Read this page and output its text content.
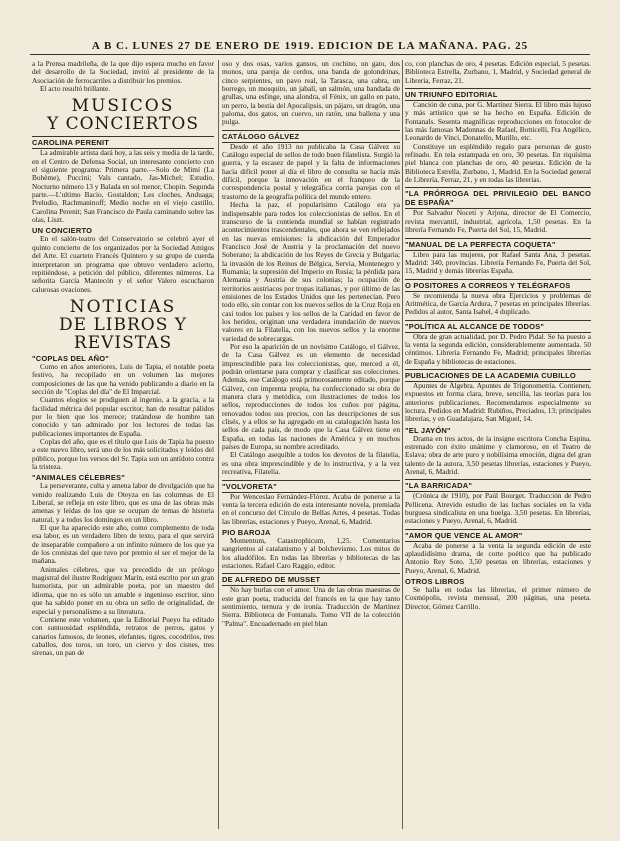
A B C. LUNES 27 DE ENERO DE 1919. EDICION DE LA MAÑANA. PAG. 25

a la Prensa madrileña, de la que dijo espera mucho en favor del desarrollo de la Sociedad, invitó al presidente de la Asociación de ferrocarriles a distribuir los premios.

El acto resultó brillante.

MUSICOS
Y CONCIERTOS
CAROLINA PERENIT

La admirable artista dará hoy, a las seis y media de la tarde, en el Centro de Defensa Social, un interesante concierto con el siguiente programa: Primera parte.—Solo de Mimí (La Bohème), Puccini; Vals cantado, Jas-Michel; Estudio, Nocturno número 13 y Balada en sol menor, Chopin. Segunda parte.—L'ultimo Bacio, Gostaldon; Les cloches, Anduaga; Preludio, Rachmaninoff; Medio noche en el viejo castillo, Carolina Perenit; San Francisco de Paula caminando sobre las olas, Liszt.

UN CONCIERTO

En el salón-teatro del Conservatorio se celebró ayer el quinto concierto de los organizados por la Sociedad Amigos del Arte. El cuarteto Francés Quintero y su grupo de cuerda interpretaron un programa que obtuvo verdadero acierto, repitiéndose, a petición del público, diferentes números. La señorita García Mantecón y el señor Valero escucharon calurosas ovaciones.

NOTICIAS
DE LIBROS Y REVISTAS
"COPLAS DEL AÑO"

Como en años anteriores, Luis de Tapia, el notable poeta festivo, ha recopilado en un volumen las mejores composiciones de las que ha venido publicando a diario en la sección de "Coplas del día" de El Imparcial.

Cuantos elogios se prodiguen al ingenio, a la gracia, a la facilidad métrica del popular escritor, han de resultar pálidos por lo bien que los merece; tratándose de hombre tan conocido y tan admirado por los lectores de todas las publicaciones importantes de España.

Coplas del año, que es el título que Luis de Tapia ha puesto a este nuevo libro, será uno de los más solicitados y leídos del público, porque los versos del Sr. Tapia son un antídoto contra la tristeza.

"ANIMALES CÉLEBRES"

La perseverante, culta y amena labor de divulgación que ha venido realizando Luis de Oteyza en las columnas de El Liberal, se refleja en este libro, que es una de las obras más amenas y leídas de los que se ocupan de temas de historia natural, y a todos los domingos en un libro.

El que ha aparecido este año, como complemento de toda esa labor, es un verdadero libro de texto, para el que servirá de inseparable compañero a un infinito número de los que ya de los cronistas del que tuvo por premio el ser el mejor de la mañana.

Animales célebres, que va precedido de un prólogo magistral del ilustre Rodríguez Marín, está escrito por un gran humorista, por un admirable poeta, por un maestro del idioma, que no es sólo un amable e ingenioso escritor, sino que ha sabido poner en su obra un sello de originalidad, de especial y personalismo a su literatura.

Contiene este volumen, que la Editorial Pueyo ha editado con suntuosidad espléndida, retratos de perros, gatos y canarios famosos, de leones, elefantes, tigres, cocodrilos, tres caballos, dos toros, un toro, un ciervo y dos cisnes, tres sirenas, un pan de

oso y dos osas, varios gansos, un cochino, un gato, dos monos, una pareja de cerdos, una banda de golondrinas, cinco serpientes, un pavo real, la Tarasca, una cabra, un borrego, un mosquito, un jabalí, un salmón, una bandada de grullas, una esfinge, una alondra, el Fénix, un gallo en pato, un perro, la bestia del Apocalipsis, un pájaro, un dragón, una paloma, dos gatos, un cuervo, un ratón, una ballena y una pulga.

CATÁLOGO GÁLVEZ

Desde el año 1913 no publicaba la Casa Gálvez su Catálogo especial de sellos de todo buen filatelista. Surgió la guerra, y la escasez de papel y la falta de informaciones hacía difícil poner al día el libro de consulta se hacía más difícil, porque la innovación en el franqueo de la correspondencia postal y telegráfica corría parejas con el trastorno de la geografía política del mundo entero.

Hecha la paz, el popularísimo Catálogo era ya indispensable para todos los coleccionistas de sellos. En el transcurso de la contienda mundial se habían registrado acontecimientos trascendentales, que ahora se ven reflejados en las nuevas emisiones: la abdicación del Emperador Francisco José de Austria y la proclamación del nuevo Soberano; la abdicación de los Reyes de Grecia y Bulgaria; la invasión de los Reinos de Bélgica, Servia, Montenegro y Rumanía; la supresión del Imperio en Rusia; la pérdida para Alemania y Austria de sus colonias; la ocupación de territorios austriacos por tropas italianas, y por último de las emisiones de los Estados Unidos que les pertenecían. Pero todo ello, sin contar con los nuevos sellos de la Cruz Roja en casi todos los países y los sellos de la Caridad en favor de los heridos, originan una verdadera inundación de nuevos valores en la Filatelia, con los nuevos sellos y la enorme variedad de sobrecargas.

Por eso la aparición de un novísimo Catálogo, el Gálvez, de la Casa Gálvez es un elemento de necesidad imprescindible para los coleccionistas, que, merced a él, podrán orientarse para comprar y clasificar sus colecciones. Además, ese Catálogo está primorosamente editado, porque Gálvez, con imprenta propia, ha confeccionado su obra de manera clara y metódica, con ilustraciones de todos los sellos, reproducciones de todos los cuños por página, renovados todos sus precios, con las descripciones de sus clisés, y a ellos se ha agregado en su catalogación hasta los sellos de cada país, de modo que la Casa Gálvez tiene en España, en todas las naciones de América y en muchos países de Europa, su nombre acreditado.

El Catálogo asequible a todos los devotos de la filatelia, es una obra imprescindible y de lo instructiva, y a la vez recreativa, Filatelia.

"VOLVORETA"

Por Wenceslao Fernández-Flórez. Acaba de ponerse a la venta la tercera edición de esta interesante novela, premiada en el concurso del Círculo de Bellas Artes, 4 pesetas. Todas las librerías, estaciones y Pueyo, Arenal, 6, Madrid.

PIO BAROJA

Momentum, Catastrophicum, 1,25. Comentarios sangrientos al catalanismo y al bolchevismo. Los mitos de los aliadófilos. En todas las librerías y bibliotecas de las estaciones. Rafael Caro Raggio, editor.

DE ALFREDO DE MUSSET

No hay burlas con el amor. Una de las obras maestras de este gran poeta, traducida del francés en la que hay tanto sentimiento, ternura y de ironía. Traducción de Martínez Sierra. Biblioteca de Fontanals. Tomo VII de la colección "Palma". Encuadernado en piel blan

co, con planchas de oro, 4 pesetas. Edición especial, 5 pesetas. Biblioteca Estrella, Zurbano, 1, Madrid, y Sociedad general de Librería, Ferraz, 21.

UN TRIUNFO EDITORIAL

Canción de cuna, por G. Martínez Sierra. El libro más lujoso y más artístico que se ha hecho en España. Edición de Fontanals. Sesenta magníficas reproducciones en fotocolor de las más famosas Madonnas de Rafael, Botticelli, Fra Angélico, Leonardo de Vinci, Donatello, Murillo, etc.

Constituye un espléndido regalo para personas de gusto refinado. En tela estampada en oro, 30 pesetas. En riquísima piel blanca con planchas de oro, 40 pesetas. Edición de la Biblioteca Estrella, Zurbano, 1, Madrid. En la Sociedad general de Librería, Ferraz, 21, y en todas las librerías.

"LA PRÓRROGA DEL PRIVILEGIO DEL BANCO DE ESPAÑA"

Por Salvador Noceti y Arjona, director de El Comercio, revista mercantil, industrial, agrícola, 1,50 pesetas. En la librería Fernando Fe, Puerta del Sol, 15, Madrid.

"MANUAL DE LA PERFECTA COQUETA"

Libro para las mujeres, por Rafael Santa Ana, 3 pesetas. Madrid: 340, provincias. Librería Fernando Fe, Puerta del Sol, 15, Madrid y demás librerías España.

O POSITORES A CORREOS Y TELÉGRAFOS

Se recomienda la nueva obra Ejercicios y problemas de Aritmética, de García Ardura, 7 pesetas en principales librerías. Pedidos al autor, Santa Isabel, 4 duplicado.

"POLÍTICA AL ALCANCE DE TODOS"

Obra de gran actualidad, por D. Pedro Pidal. Se ha puesto a la venta la segunda edición, considerablemente aumentada. 50 céntimos. Librería Fernando Fe, Madrid; principales librerías de España y bibliotecas de estaciones.

PUBLICACIONES DE LA ACADEMIA CUBILLO

Apuntes de Álgebra. Apuntes de Trigonometría. Contienen, expuestos en forma clara, breve, sencilla, las teorías para los anteriores publicaciones. Recomendamos especialmente su lectura. Pedidos en Madrid: Rubiños, Preciados, 13; principales librerías, y en Guadalajara, San Miguel, 14.

"EL JAYÓN"

Drama en tres actos, de la insigne escritora Concha Espina, estrenado con éxito unánime y clamoroso, en el Teatro de Eslava; obra de arte puro y nobilísima emoción, digna del gran talento de la autora, 3,50 pesetas librerías, estaciones y Pueyo, Arenal, 6, Madrid.

"LA BARRICADA"

(Crónica de 1910), por Paúl Bourget. Traducción de Pedro Pellicena. Atrevido estudio de las luchas sociales en la vida burguesa sindicalista en una huelga. 3,50 pesetas. En librerías, estaciones y Pueyo, Arenal, 6, Madrid.

"AMOR QUE VENCE AL AMOR"

Acaba de ponerse a la venta la segunda edición de este aplaudidísimo drama, de corte poético que ha publicado Antonio Rey Soto. 3,50 pesetas en librerías, estaciones y Pueyo, Arenal, 6, Madrid.

OTROS LIBROS

Se halla en todas las librerías, el primer número de Cosmópolis, revista mensual, 200 páginas, una peseta. Director, Gómez Carrillo.
